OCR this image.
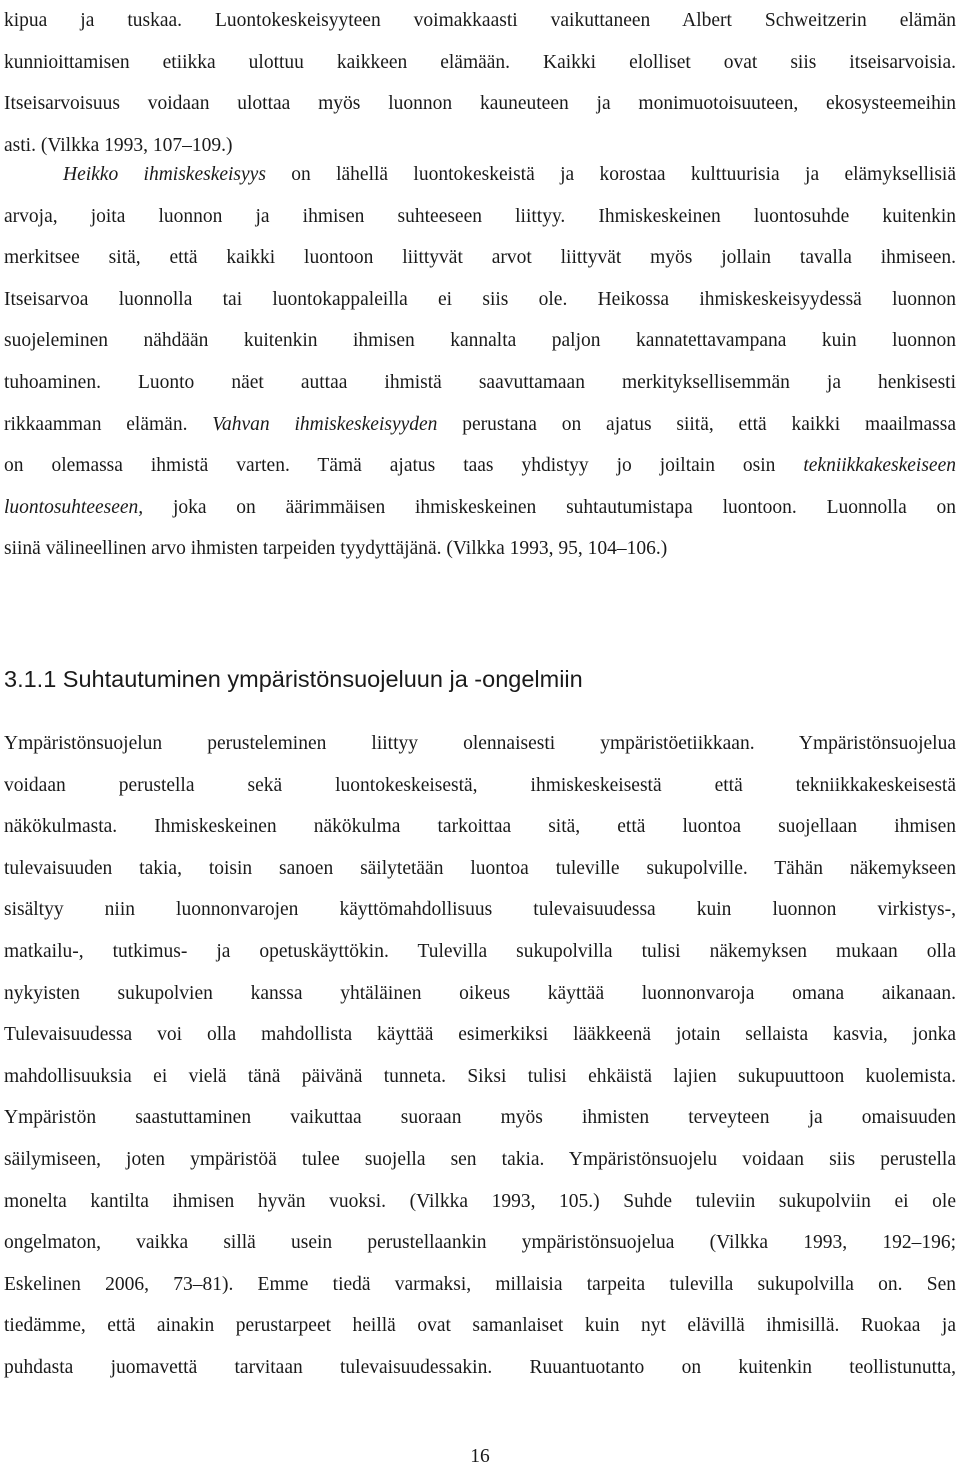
kipua ja tuskaa. Luontokeskeisyyteen voimakkaasti vaikuttaneen Albert Schweitzerin elämän
kunnioittamisen etiikka ulottuu kaikkeen elämään. Kaikki elolliset ovat siis itseisarvoisia.
Itseisarvoisuus voidaan ulottaa myös luonnon kauneuteen ja monimuotoisuuteen, ekosysteemeihin
asti. (Vilkka 1993, 107–109.)
Heikko ihmiskeskeisyys on lähellä luontokeskeistä ja korostaa kulttuurisia ja elämyksellisiä
arvoja, joita luonnon ja ihmisen suhteeseen liittyy. Ihmiskeskeinen luontosuhde kuitenkin
merkitsee sitä, että kaikki luontoon liittyvät arvot liittyvät myös jollain tavalla ihmiseen.
Itseisarvoa luonnolla tai luontokappaleilla ei siis ole. Heikossa ihmiskeskeisyydessä luonnon
suojeleminen nähdään kuitenkin ihmisen kannalta paljon kannatettavampana kuin luonnon
tuhoaminen. Luonto näet auttaa ihmistä saavuttamaan merkityksellisemmän ja henkisesti
rikkaamman elämän. Vahvan ihmiskeskeisyyden perustana on ajatus siitä, että kaikki maailmassa
on olemassa ihmistä varten. Tämä ajatus taas yhdistyy jo joiltain osin tekniikkakeskeiseen
luontosuhteeseen, joka on äärimmäisen ihmiskeskeinen suhtautumistapa luontoon. Luonnolla on
siinä välineellinen arvo ihmisten tarpeiden tyydyttäjänä. (Vilkka 1993, 95, 104–106.)
3.1.1 Suhtautuminen ympäristönsuojeluun ja -ongelmiin
Ympäristönsuojelun perusteleminen liittyy olennaisesti ympäristöetiikkaan. Ympäristönsuojelua
voidaan perustella sekä luontokeskeisestä, ihmiskeskeisestä että tekniikkakeskeisestä
näkökulmasta. Ihmiskeskeinen näkökulma tarkoittaa sitä, että luontoa suojellaan ihmisen
tulevaisuuden takia, toisin sanoen säilytetään luontoa tuleville sukupolville. Tähän näkemykseen
sisältyy niin luonnonvarojen käyttömahdollisuus tulevaisuudessa kuin luonnon virkistys-,
matkailu-, tutkimus- ja opetuskäyttökin. Tulevilla sukupolvilla tulisi näkemyksen mukaan olla
nykyisten sukupolvien kanssa yhtäläinen oikeus käyttää luonnonvaroja omana aikanaan.
Tulevaisuudessa voi olla mahdollista käyttää esimerkiksi lääkkeenä jotain sellaista kasvia, jonka
mahdollisuuksia ei vielä tänä päivänä tunneta. Siksi tulisi ehkäistä lajien sukupuuttoon kuolemista.
Ympäristön saastuttaminen vaikuttaa suoraan myös ihmisten terveyteen ja omaisuuden
säilymiseen, joten ympäristöä tulee suojella sen takia. Ympäristönsuojelu voidaan siis perustella
monelta kantilta ihmisen hyvän vuoksi. (Vilkka 1993, 105.) Suhde tuleviin sukupolviin ei ole
ongelmaton, vaikka sillä usein perustellaankin ympäristönsuojelua (Vilkka 1993, 192–196;
Eskelinen 2006, 73–81). Emme tiedä varmaksi, millaisia tarpeita tulevilla sukupolvilla on. Sen
tiedämme, että ainakin perustarpeet heillä ovat samanlaiset kuin nyt elävillä ihmisillä. Ruokaa ja
puhdasta juomavettä tarvitaan tulevaisuudessakin. Ruuantuotanto on kuitenkin teollistunutta,
16
